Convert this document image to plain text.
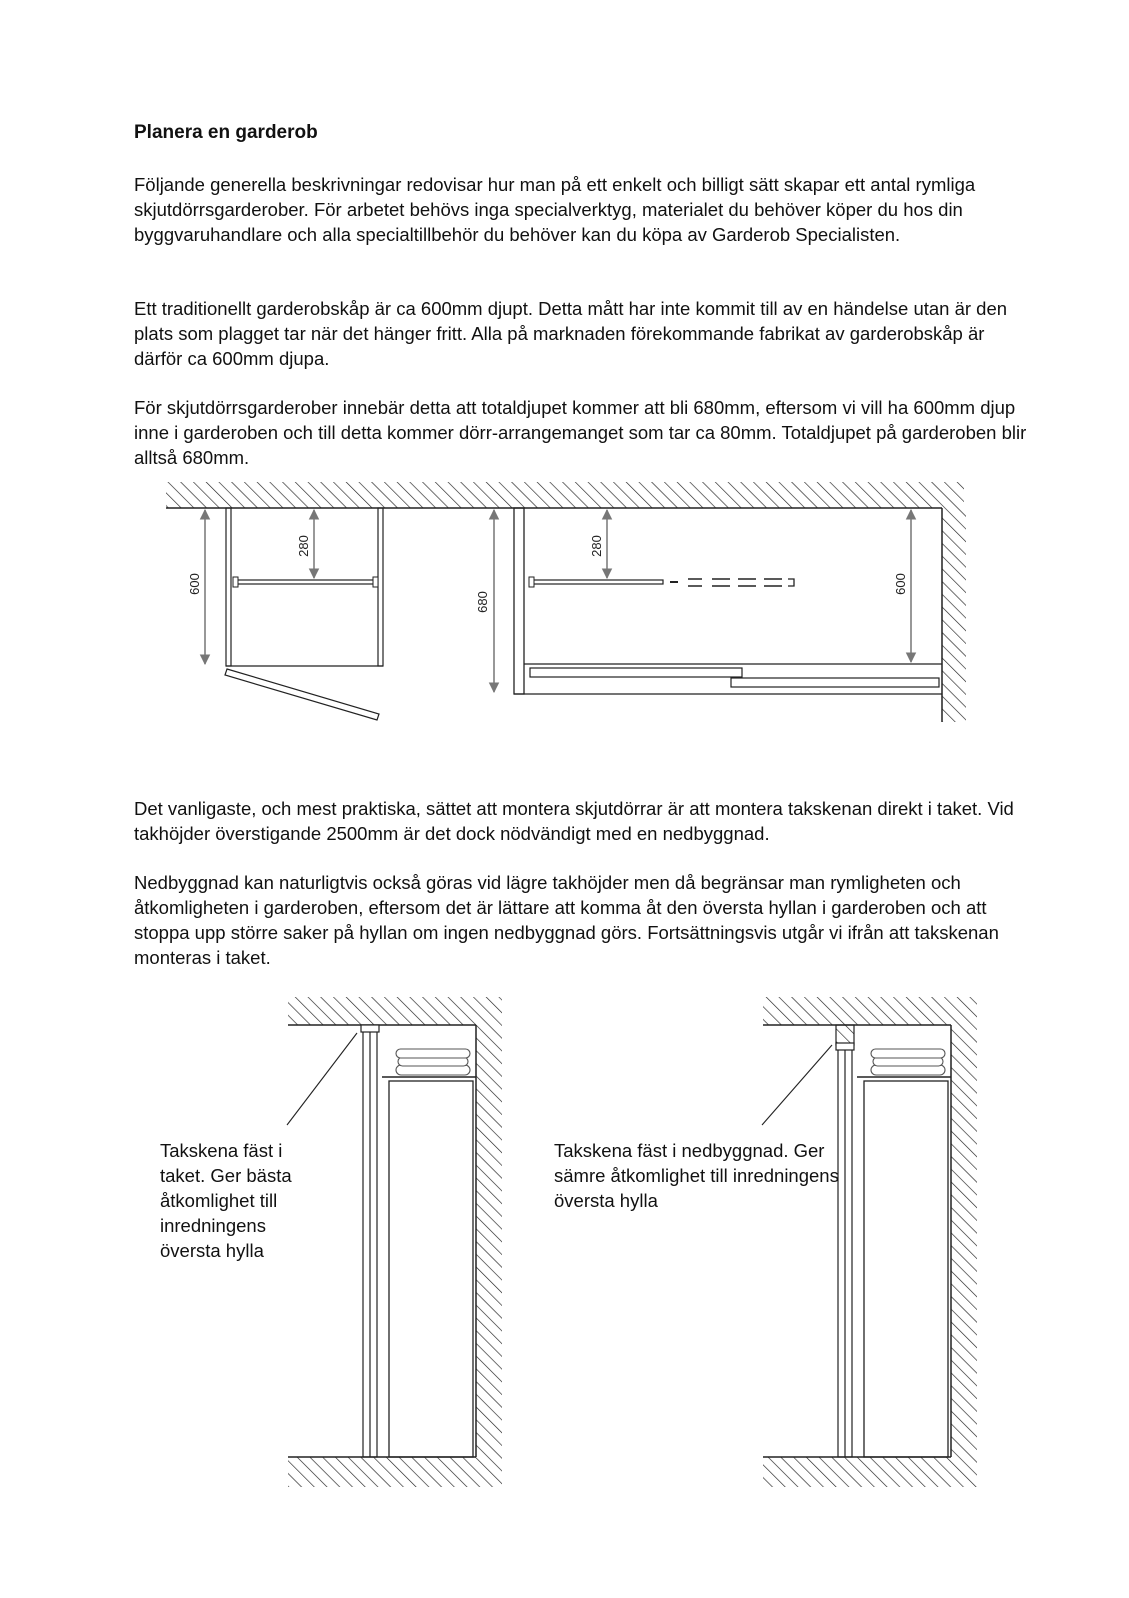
Planera en garderob

Följande generella beskrivningar redovisar hur man på ett enkelt och billigt sätt skapar ett antal rymliga skjutdörrsgarderober. För arbetet behövs inga specialverktyg, materialet du behöver köper du hos din byggvaruhandlare och alla specialtillbehör du behöver kan du köpa av Garderob Specialisten.

Ett traditionellt garderobskåp är ca 600mm djupt. Detta mått har inte kommit till av en händelse utan är den plats som plagget tar när det hänger fritt. Alla på marknaden förekommande fabrikat av garderobskåp är därför ca 600mm djupa.

För skjutdörrsgarderober innebär detta att totaldjupet kommer att bli 680mm, eftersom vi vill ha 600mm djup inne i garderoben och till detta kommer dörr-arrangemanget som tar ca 80mm. Totaldjupet på garderoben blir alltså 680mm.

600
280
680
280
600

Det vanligaste, och mest praktiska, sättet att montera skjutdörrar är att montera takskenan direkt i taket. Vid takhöjder överstigande 2500mm är det dock nödvändigt med en nedbyggnad.

Nedbyggnad kan naturligtvis också göras vid lägre takhöjder men då begränsar man rymligheten och åtkomligheten i garderoben, eftersom det är lättare att komma åt den översta hyllan i garderoben och att stoppa upp större saker på hyllan om ingen nedbyggnad görs. Fortsättningsvis utgår vi ifrån att takskenan monteras i taket.

Takskena fäst i taket. Ger bästa åtkomlighet till inredningens översta hylla

Takskena fäst i nedbyggnad. Ger sämre åtkomlighet till inredningens översta hylla
